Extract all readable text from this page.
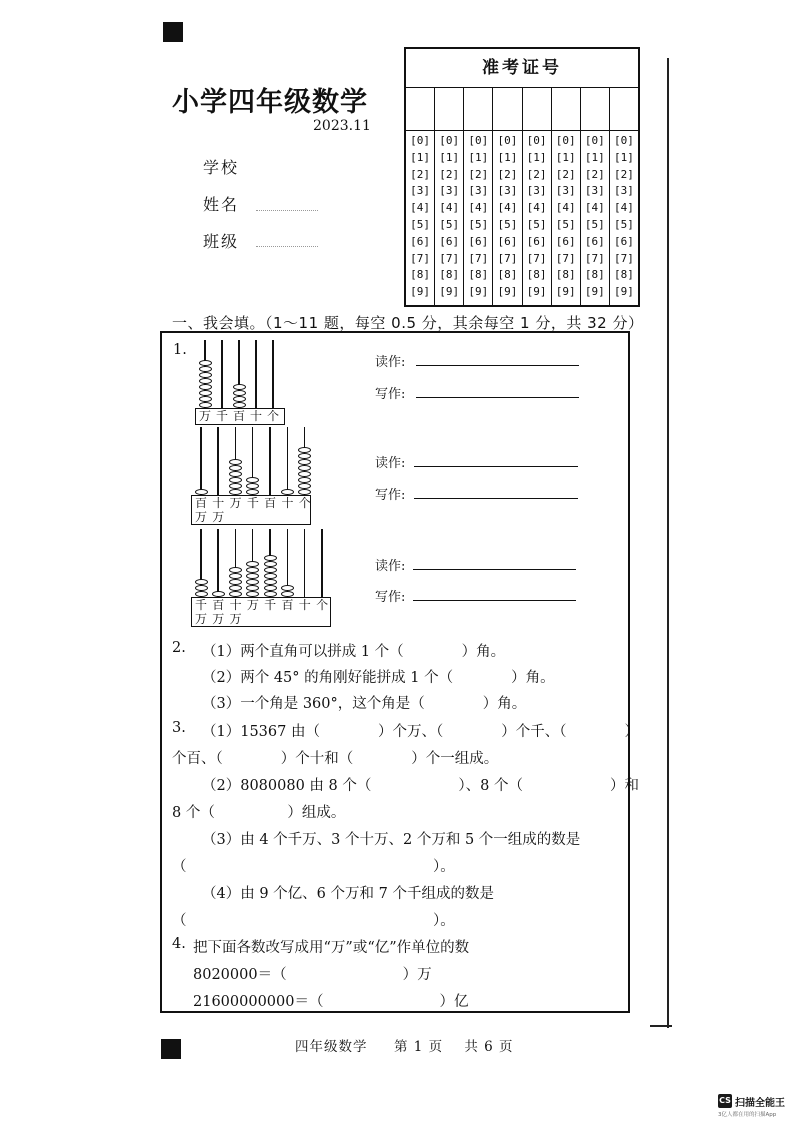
小学四年级数学
2023.11
学校
姓名
班级
准考证号
[0]
[1]
[2]
[3]
[4]
[5]
[6]
[7]
[8]
[9]
[0]
[1]
[2]
[3]
[4]
[5]
[6]
[7]
[8]
[9]
[0]
[1]
[2]
[3]
[4]
[5]
[6]
[7]
[8]
[9]
[0]
[1]
[2]
[3]
[4]
[5]
[6]
[7]
[8]
[9]
[0]
[1]
[2]
[3]
[4]
[5]
[6]
[7]
[8]
[9]
[0]
[1]
[2]
[3]
[4]
[5]
[6]
[7]
[8]
[9]
[0]
[1]
[2]
[3]
[4]
[5]
[6]
[7]
[8]
[9]
[0]
[1]
[2]
[3]
[4]
[5]
[6]
[7]
[8]
[9]
一、我会填。（1～11 题，每空 0.5 分，其余每空 1 分，共 32 分）
1.
万 千 百 十 个
百
万
十
万
万 千 百 十 个
千
万
百
万
十
万
万 千 百 十 个
读作:
写作:
读作:
写作:
读作:
写作:
2. （1）两个直角可以拼成 1 个（　　　　）角。
（2）两个 45° 的角刚好能拼成 1 个（　　　　）角。
（3）一个角是 360°，这个角是（　　　　）角。
3. （1）15367 由（　　　　）个万、（　　　　）个千、（　　　　）
个百、（　　　　）个十和（　　　　）个一组成。
（2）8080080 由 8 个（　　　　　　）、8 个（　　　　　　）和
8 个（　　　　　）组成。
（3）由 4 个千万、3 个十万、2 个万和 5 个一组成的数是
（　　　　　　　　　　　　　　　　　）。
（4）由 9 个亿、6 个万和 7 个千组成的数是
（　　　　　　　　　　　　　　　　　）。
4. 把下面各数改写成用“万”或“亿”作单位的数
8020000＝（　　　　　　　　）万
21600000000＝（　　　　　　　　）亿
四年级数学 第 1 页 共 6 页
CS 扫描全能王
3亿人都在用的扫描App
